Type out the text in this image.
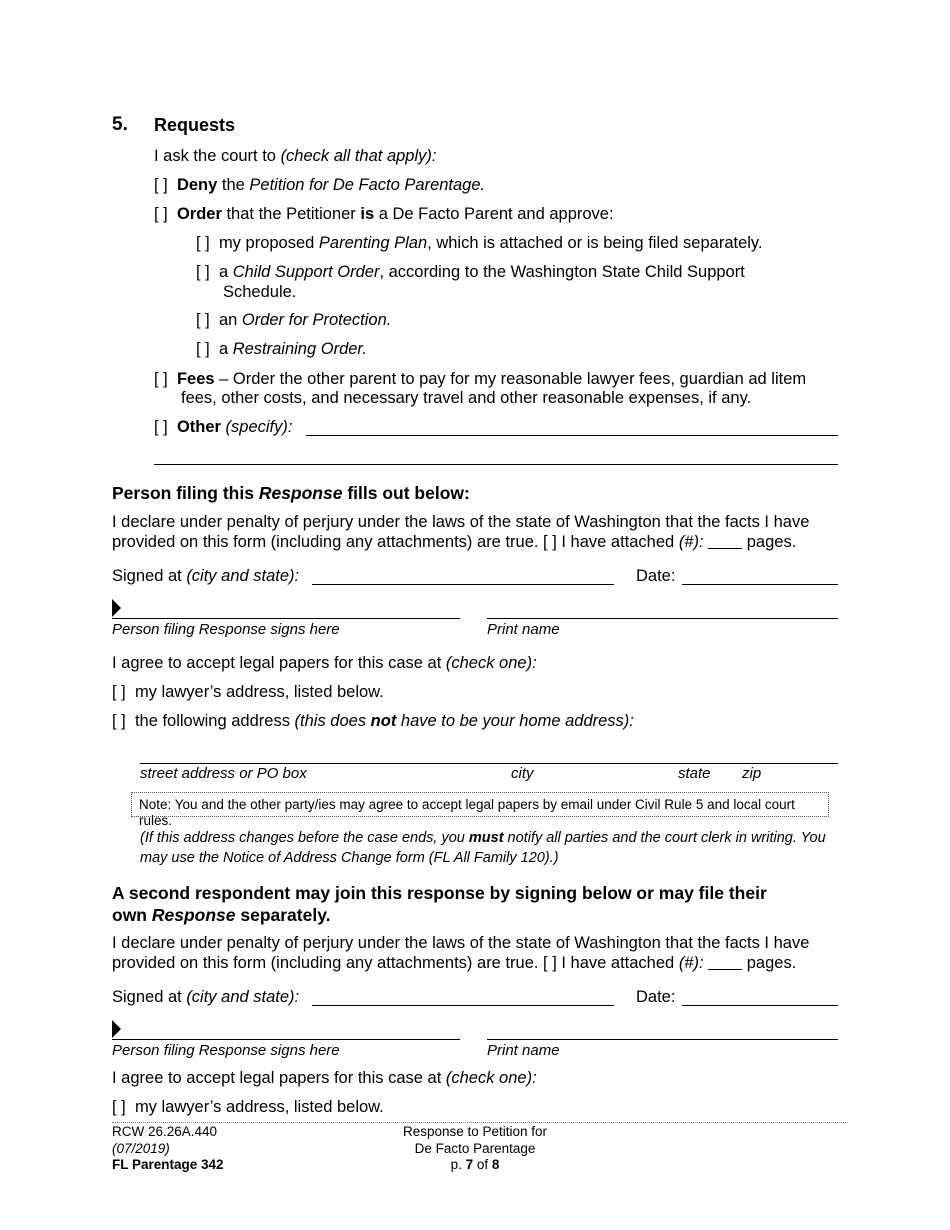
5. Requests
I ask the court to (check all that apply):
[ ] Deny the Petition for De Facto Parentage.
[ ] Order that the Petitioner is a De Facto Parent and approve:
[ ] my proposed Parenting Plan, which is attached or is being filed separately.
[ ] a Child Support Order, according to the Washington State Child Support
Schedule.
[ ] an Order for Protection.
[ ] a Restraining Order.
[ ] Fees – Order the other parent to pay for my reasonable lawyer fees, guardian ad litem
fees, other costs, and necessary travel and other reasonable expenses, if any.
[ ] Other (specify):
Person filing this Response fills out below:
I declare under penalty of perjury under the laws of the state of Washington that the facts I have
provided on this form (including any attachments) are true. [ ] I have attached (#):  pages.
Signed at (city and state):	Date:
Person filing Response signs here	Print name
I agree to accept legal papers for this case at (check one):
[ ] my lawyer’s address, listed below.
[ ] the following address (this does not have to be your home address):
street address or PO box	city	state zip
Note: You and the other party/ies may agree to accept legal papers by email under Civil Rule 5 and local court rules.
(If this address changes before the case ends, you must notify all parties and the court clerk in writing. You
may use the Notice of Address Change form (FL All Family 120).)
A second respondent may join this response by signing below or may file their
own Response separately.
I declare under penalty of perjury under the laws of the state of Washington that the facts I have
provided on this form (including any attachments) are true. [ ] I have attached (#):  pages.
Signed at (city and state):	Date:
Person filing Response signs here	Print name
I agree to accept legal papers for this case at (check one):
[ ] my lawyer’s address, listed below.
RCW 26.26A.440
(07/2019)
FL Parentage 342
Response to Petition for
De Facto Parentage
p. 7 of 8
